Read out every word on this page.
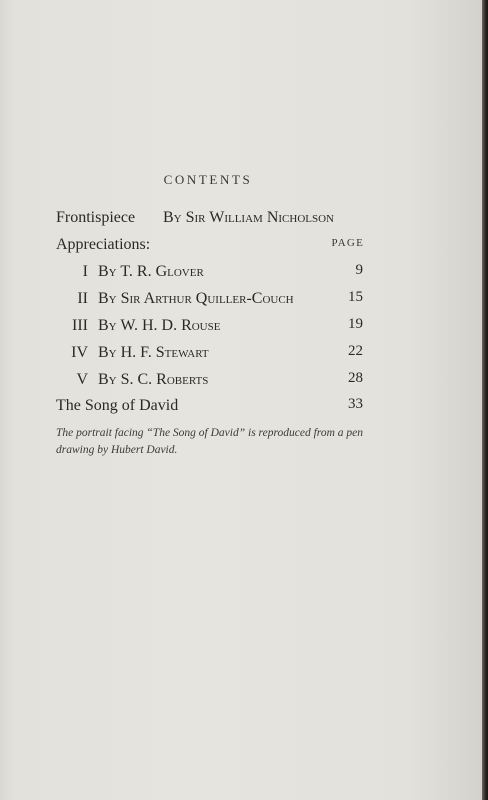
CONTENTS
Frontispiece By Sir William Nicholson
Appreciations:	PAGE
I By T. R. Glover	9
II By Sir Arthur Quiller-Couch	15
III By W. H. D. Rouse	19
IV By H. F. Stewart	22
V By S. C. Roberts	28
The Song of David	33
The portrait facing “The Song of David” is reproduced from a pen drawing by Hubert David.
